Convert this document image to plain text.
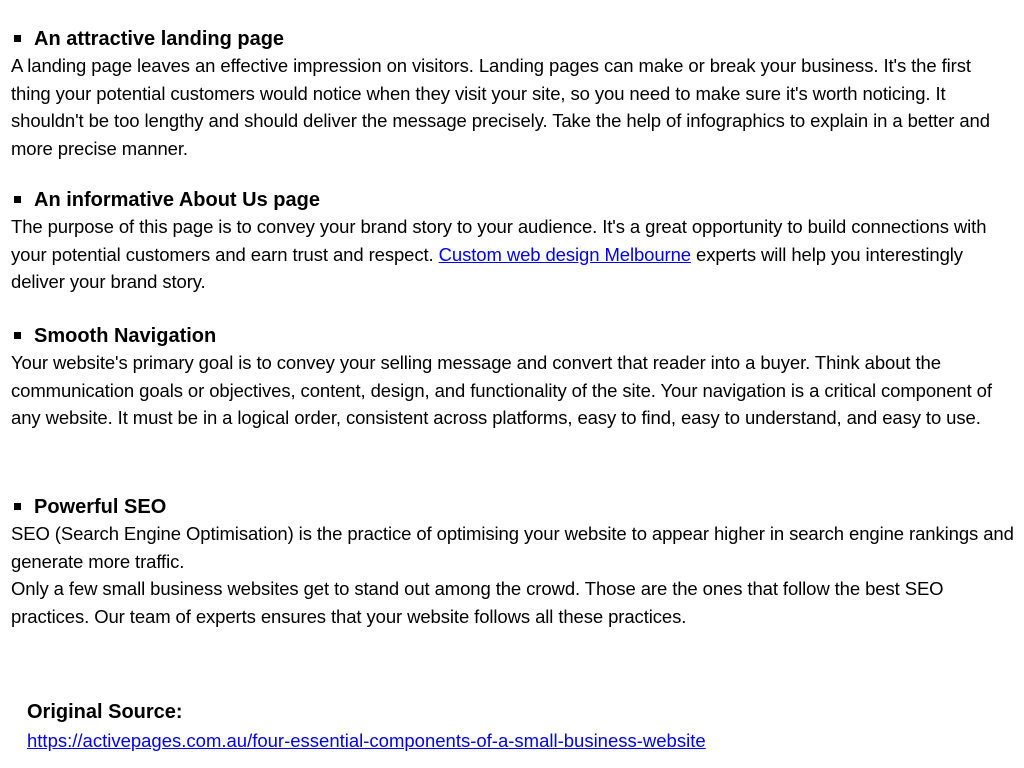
An attractive landing page

A landing page leaves an effective impression on visitors. Landing pages can make or break your business. It's the first thing your potential customers would notice when they visit your site, so you need to make sure it's worth noticing. It shouldn't be too lengthy and should deliver the message precisely. Take the help of infographics to explain in a better and more precise manner.

An informative About Us page

The purpose of this page is to convey your brand story to your audience. It's a great opportunity to build connections with your potential customers and earn trust and respect. Custom web design Melbourne experts will help you interestingly deliver your brand story.

Smooth Navigation

Your website's primary goal is to convey your selling message and convert that reader into a buyer. Think about the communication goals or objectives, content, design, and functionality of the site. Your navigation is a critical component of any website. It must be in a logical order, consistent across platforms, easy to find, easy to understand, and easy to use.

Powerful SEO

SEO (Search Engine Optimisation) is the practice of optimising your website to appear higher in search engine rankings and generate more traffic.

Only a few small business websites get to stand out among the crowd. Those are the ones that follow the best SEO practices. Our team of experts ensures that your website follows all these practices.

Original Source:

https://activepages.com.au/four-essential-components-of-a-small-business-website
